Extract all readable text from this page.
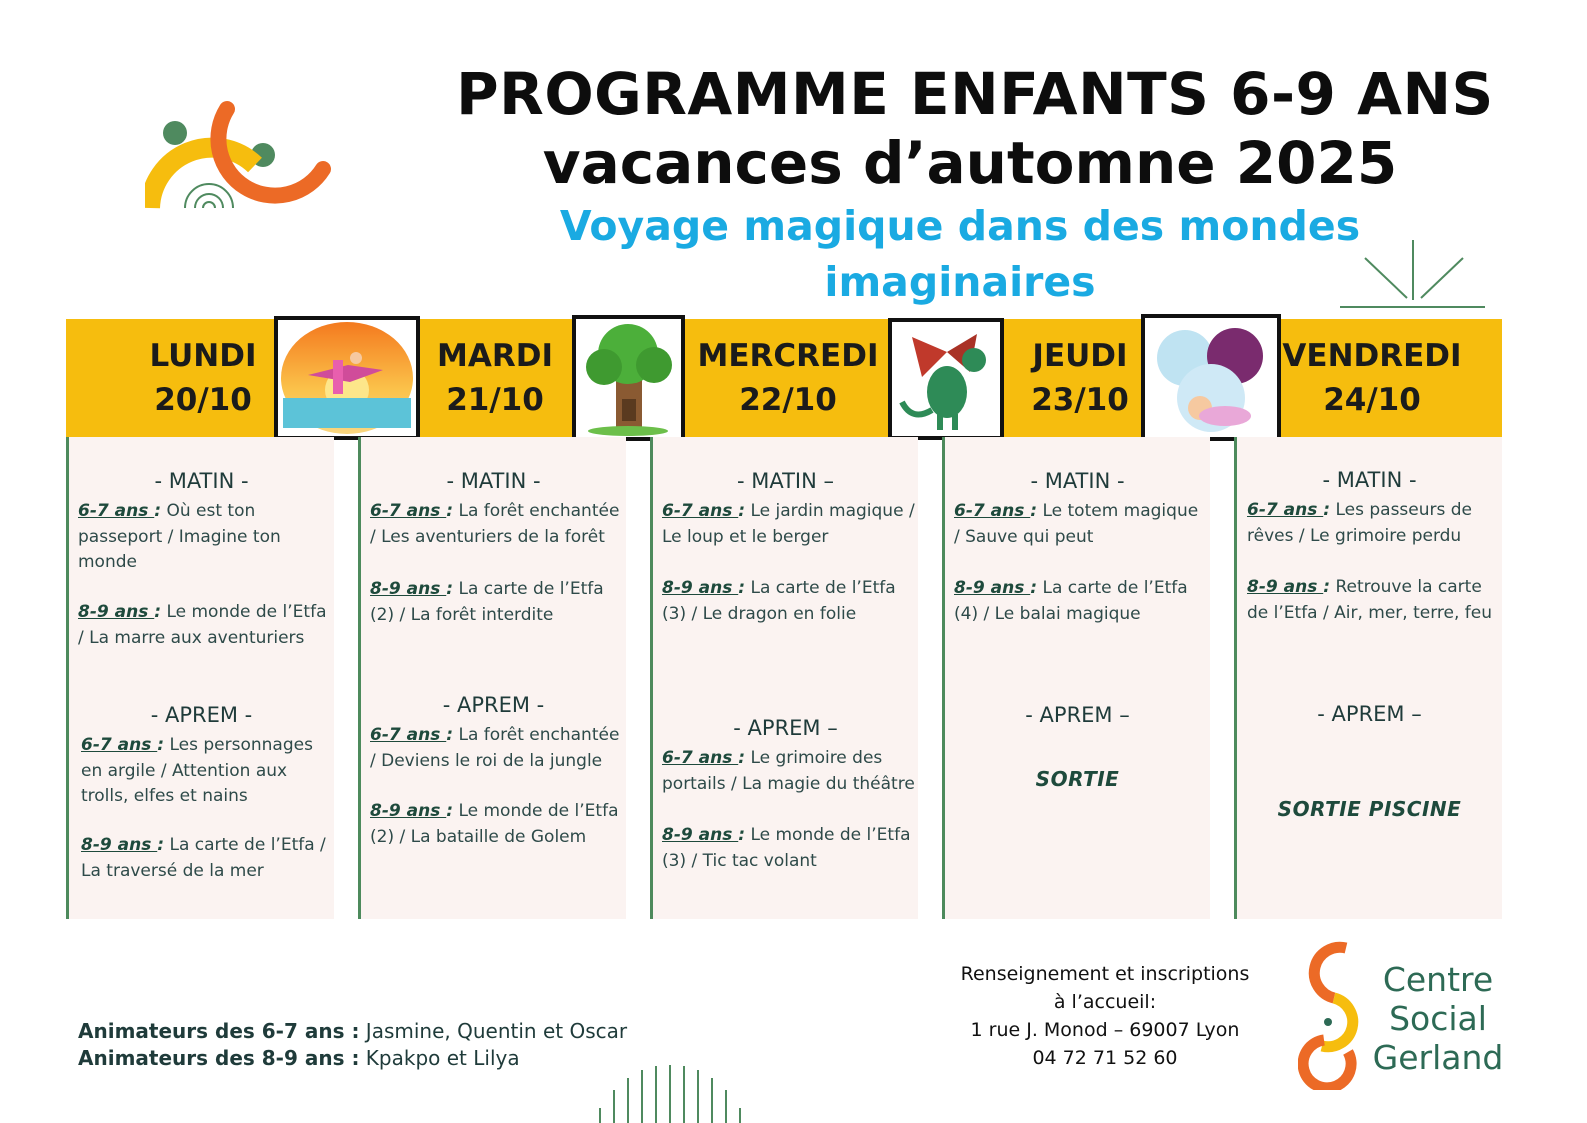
PROGRAMME ENFANTS 6-9 ANS
vacances d’automne 2025
Voyage magique dans des mondes imaginaires
LUNDI
20/10
MARDI
21/10
MERCREDI
22/10
JEUDI
23/10
VENDREDI
24/10
- MATIN -
6-7 ans : Où est ton passeport / Imagine ton monde
8-9 ans : Le monde de l’Etfa / La marre aux aventuriers
- APREM -
6-7 ans : Les personnages en argile / Attention aux trolls, elfes et nains
8-9 ans : La carte de l’Etfa / La traversé de la mer
- MATIN -
6-7 ans : La forêt enchantée / Les aventuriers de la forêt
8-9 ans : La carte de l’Etfa (2) / La forêt interdite
- APREM -
6-7 ans : La forêt enchantée / Deviens le roi de la jungle
8-9 ans : Le monde de l’Etfa (2) / La bataille de Golem
- MATIN –
6-7 ans : Le jardin magique / Le loup et le berger
8-9 ans : La carte de l’Etfa (3) / Le dragon en folie
- APREM –
6-7 ans : Le grimoire des portails / La magie du théâtre
8-9 ans : Le monde de l’Etfa (3) / Tic tac volant
- MATIN -
6-7 ans : Le totem magique / Sauve qui peut
8-9 ans : La carte de l’Etfa (4) / Le balai magique
- APREM –
SORTIE
- MATIN -
6-7 ans : Les passeurs de rêves / Le grimoire perdu
8-9 ans : Retrouve la carte de l’Etfa / Air, mer, terre, feu
- APREM –
SORTIE PISCINE
Animateurs des 6-7 ans : Jasmine, Quentin et Oscar
Animateurs des 8-9 ans : Kpakpo et Lilya
Renseignement et inscriptions
à l’accueil:
1 rue J. Monod – 69007 Lyon
04 72 71 52 60
Centre
Social
Gerland
